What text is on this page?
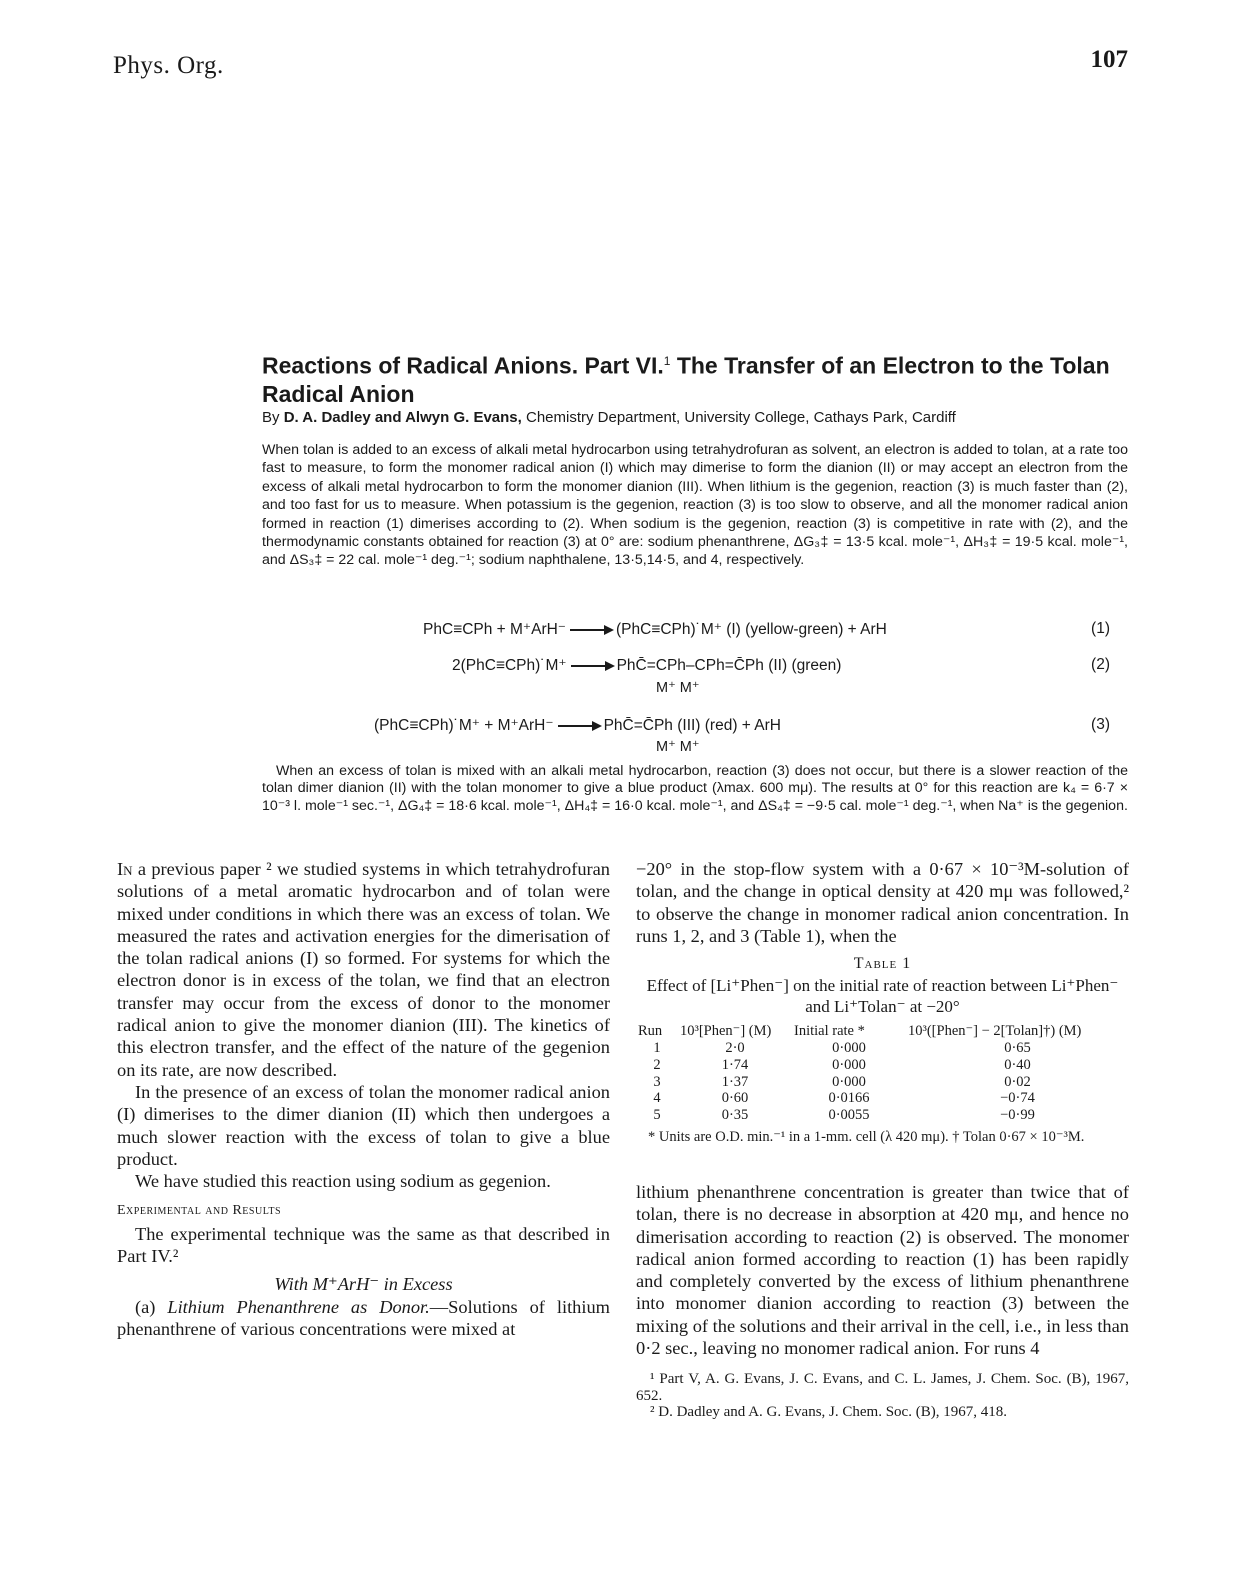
Phys. Org.	107
Reactions of Radical Anions. Part VI.$^1$ The Transfer of an Electron to the Tolan Radical Anion
By D. A. Dadley and Alwyn G. Evans, Chemistry Department, University College, Cathays Park, Cardiff
When tolan is added to an excess of alkali metal hydrocarbon using tetrahydrofuran as solvent, an electron is added to tolan, at a rate too fast to measure, to form the monomer radical anion (I) which may dimerise to form the dianion (II) or may accept an electron from the excess of alkali metal hydrocarbon to form the monomer dianion (III). When lithium is the gegenion, reaction (3) is much faster than (2), and too fast for us to measure. When potassium is the gegenion, reaction (3) is too slow to observe, and all the monomer radical anion formed in reaction (1) dimerises according to (2). When sodium is the gegenion, reaction (3) is competitive in rate with (2), and the thermodynamic constants obtained for reaction (3) at 0° are: sodium phenanthrene, ΔG₃‡ = 13·5 kcal. mole⁻¹, ΔH₃‡ = 19·5 kcal. mole⁻¹, and ΔS₃‡ = 22 cal. mole⁻¹ deg.⁻¹; sodium naphthalene, 13·5,14·5, and 4, respectively.
PhC≡CPh + M⁺ArH⁻ → (PhC≡CPh)˙M⁺ (I) (yellow-green) + ArH	(1)
2(PhC≡CPh)˙M⁺ → PhC̄=CPh–CPh=C̄Ph (II) (green)
M⁺ M⁺
(2)
(PhC≡CPh)˙M⁺ + M⁺ArH⁻ → PhC̄=C̄Ph (III) (red) + ArH
M⁺ M⁺
(3)
When an excess of tolan is mixed with an alkali metal hydrocarbon, reaction (3) does not occur, but there is a slower reaction of the tolan dimer dianion (II) with the tolan monomer to give a blue product (λmax. 600 mμ). The results at 0° for this reaction are k₄ = 6·7 × 10⁻³ l. mole⁻¹ sec.⁻¹, ΔG₄‡ = 18·6 kcal. mole⁻¹, ΔH₄‡ = 16·0 kcal. mole⁻¹, and ΔS₄‡ = −9·5 cal. mole⁻¹ deg.⁻¹, when Na⁺ is the gegenion.

In a previous paper ² we studied systems in which tetrahydrofuran solutions of a metal aromatic hydrocarbon and of tolan were mixed under conditions in which there was an excess of tolan. We measured the rates and activation energies for the dimerisation of the tolan radical anions (I) so formed. For systems for which the electron donor is in excess of the tolan, we find that an electron transfer may occur from the excess of donor to the monomer radical anion to give the monomer dianion (III). The kinetics of this electron transfer, and the effect of the nature of the gegenion on its rate, are now described.

In the presence of an excess of tolan the monomer radical anion (I) dimerises to the dimer dianion (II) which then undergoes a much slower reaction with the excess of tolan to give a blue product.

We have studied this reaction using sodium as gegenion.

Experimental and Results

The experimental technique was the same as that described in Part IV.²

With M⁺ArH⁻ in Excess

(a) Lithium Phenanthrene as Donor.—Solutions of lithium phenanthrene of various concentrations were mixed at

−20° in the stop-flow system with a 0·67 × 10⁻³M-solution of tolan, and the change in optical density at 420 mμ was followed,² to observe the change in monomer radical anion concentration. In runs 1, 2, and 3 (Table 1), when the

Table 1
Effect of [Li⁺Phen⁻] on the initial rate of reaction between Li⁺Phen⁻ and Li⁺Tolan⁻ at −20°
Run	10³[Phen⁻] (M)	Initial rate *	10³([Phen⁻] − 2[Tolan]†) (M)
1	2·0	0·000	0·65
2	1·74	0·000	0·40
3	1·37	0·000	0·02
4	0·60	0·0166	−0·74
5	0·35	0·0055	−0·99
* Units are O.D. min.⁻¹ in a 1-mm. cell (λ 420 mμ). † Tolan 0·67 × 10⁻³M.

lithium phenanthrene concentration is greater than twice that of tolan, there is no decrease in absorption at 420 mμ, and hence no dimerisation according to reaction (2) is observed. The monomer radical anion formed according to reaction (1) has been rapidly and completely converted by the excess of lithium phenanthrene into monomer dianion according to reaction (3) between the mixing of the solutions and their arrival in the cell, i.e., in less than 0·2 sec., leaving no monomer radical anion. For runs 4

¹ Part V, A. G. Evans, J. C. Evans, and C. L. James, J. Chem. Soc. (B), 1967, 652.
² D. Dadley and A. G. Evans, J. Chem. Soc. (B), 1967, 418.
